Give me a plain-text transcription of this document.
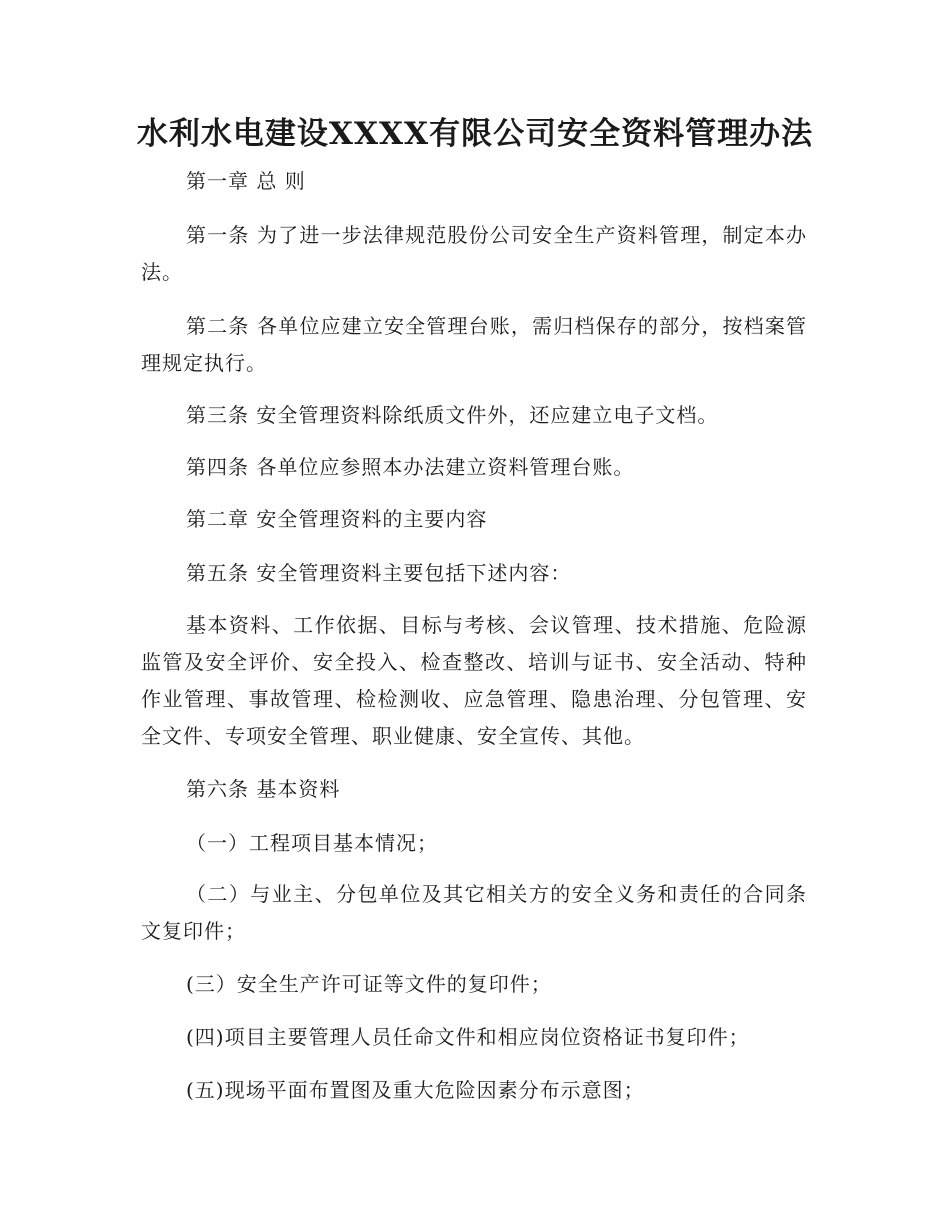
水利水电建设XXXX有限公司安全资料管理办法

第一章 总 则

第一条 为了进一步法律规范股份公司安全生产资料管理，制定本办法。

第二条 各单位应建立安全管理台账，需归档保存的部分，按档案管理规定执行。

第三条 安全管理资料除纸质文件外，还应建立电子文档。

第四条 各单位应参照本办法建立资料管理台账。

第二章 安全管理资料的主要内容

第五条 安全管理资料主要包括下述内容：

基本资料、工作依据、目标与考核、会议管理、技术措施、危险源监管及安全评价、安全投入、检查整改、培训与证书、安全活动、特种作业管理、事故管理、检检测收、应急管理、隐患治理、分包管理、安全文件、专项安全管理、职业健康、安全宣传、其他。

第六条 基本资料

（一）工程项目基本情况；

（二）与业主、分包单位及其它相关方的安全义务和责任的合同条文复印件；

(三）安全生产许可证等文件的复印件；

(四)项目主要管理人员任命文件和相应岗位资格证书复印件；

(五)现场平面布置图及重大危险因素分布示意图；
